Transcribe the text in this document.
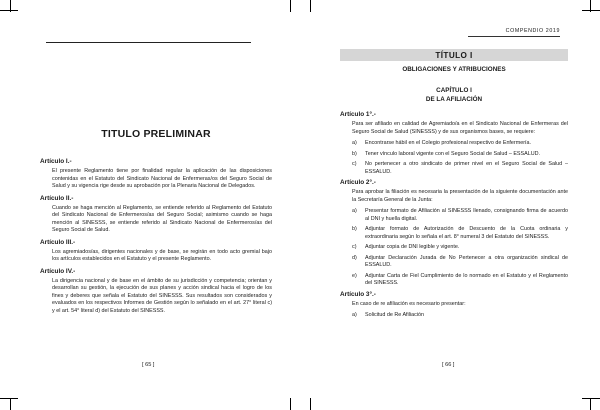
TITULO PRELIMINAR
Artículo I.-
El presente Reglamento tiene por finalidad regular la aplicación de las disposiciones contenidas en el Estatuto del Sindicato Nacional de Enfermeras/os del Seguro Social de Salud y su vigencia rige desde su aprobación por la Plenaria Nacional de Delegados.
Artículo II.-
Cuando se haga mención al Reglamento, se entiende referido al Reglamento del Estatuto del Sindicato Nacional de Enfermeros/as del Seguro Social; asimismo cuando se haga mención al SINESSS, se entiende referido al Sindicato Nacional de Enfermeros/as del Seguro Social de Salud.
Artículo III.-
Los agremiados/as, dirigentes nacionales y de base, se regirán en todo acto gremial bajo los artículos establecidos en el Estatuto y el presente Reglamento.
Artículo IV.-
La dirigencia nacional y de base en el ámbito de su jurisdicción y competencia; orientan y desarrollan su gestión, la ejecución de sus planes y acción sindical hacia el logro de los fines y deberes que señala el Estatuto del SINESSS. Sus resultados son considerados y evaluados en los respectivos Informes de Gestión según lo señalado en el art. 27° literal c) y el art. 54° literal d) del Estatuto del SINESSS.
[ 65 ]
COMPENDIO 2019
TÍTULO I
OBLIGACIONES Y ATRIBUCIONES
CAPÍTULO I
DE LA AFILIACIÓN
Artículo 1°.-
Para ser afiliado en calidad de Agremiado/a en el Sindicato Nacional de Enfermeras del Seguro Social de Salud (SINESSS) y de sus organismos bases, se requiere:
a)	Encontrarse hábil en el Colegio profesional respectivo de Enfermería.
b)	Tener vínculo laboral vigente con el Seguro Social de Salud – ESSALUD.
c)	No pertenecer a otro sindicato de primer nivel en el Seguro Social de Salud – ESSALUD.
Artículo 2°.-
Para aprobar la filiación es necesaria la presentación de la siguiente documentación ante la Secretaría General de la Junta:
a)	Presentar formato de Afiliación al SINESSS llenado, consignando firma de acuerdo al DNI y huella digital.
b)	Adjuntar formato de Autorización de Descuento de la Cuota ordinaria y extraordinaria según lo señala el art. 8° numeral 3 del Estatuto del SINESSS.
c)	Adjuntar copia de DNI legible y vigente.
d)	Adjuntar Declaración Jurada de No Pertenecer a otra organización sindical de ESSALUD.
e)	Adjuntar Carta de Fiel Cumplimiento de lo normado en el Estatuto y el Reglamento del SINESSS.
Artículo 3°.-
En caso de re afiliación es necesario presentar:
a)	Solicitud de Re Afiliación
[ 66 ]
